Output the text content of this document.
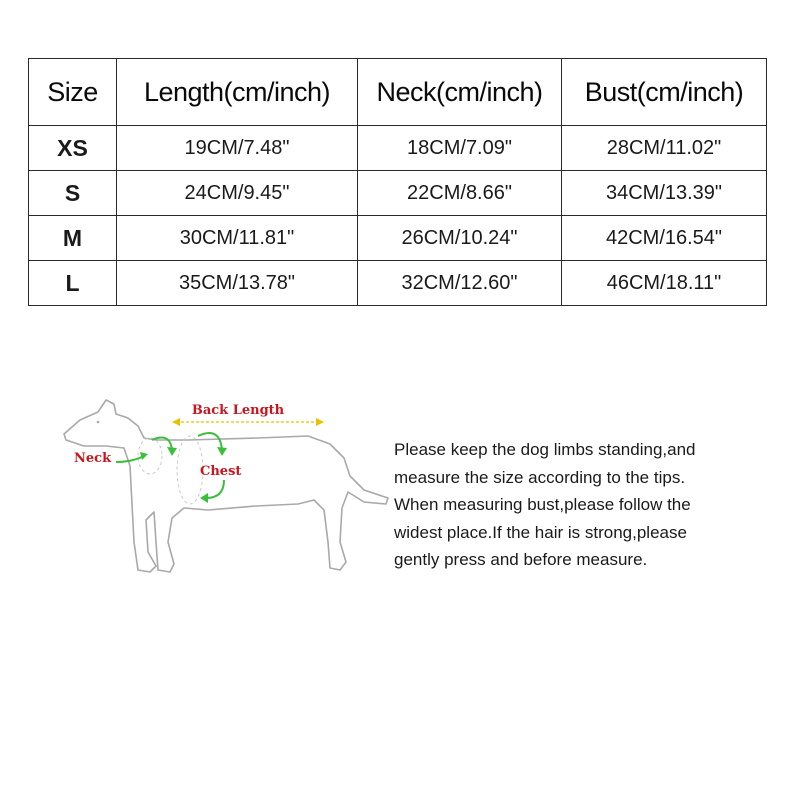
Size	Length(cm/inch)	Neck(cm/inch)	Bust(cm/inch)
XS	19CM/7.48"	18CM/7.09"	28CM/11.02"
S	24CM/9.45"	22CM/8.66"	34CM/13.39"
M	30CM/11.81"	26CM/10.24"	42CM/16.54"
L	35CM/13.78"	32CM/12.60"	46CM/18.11"
Back Length
Neck
Chest
Please keep the dog limbs standing,and
measure the size according to the tips.
When measuring bust,please follow the
widest place.If the hair is strong,please
gently press and before measure.
